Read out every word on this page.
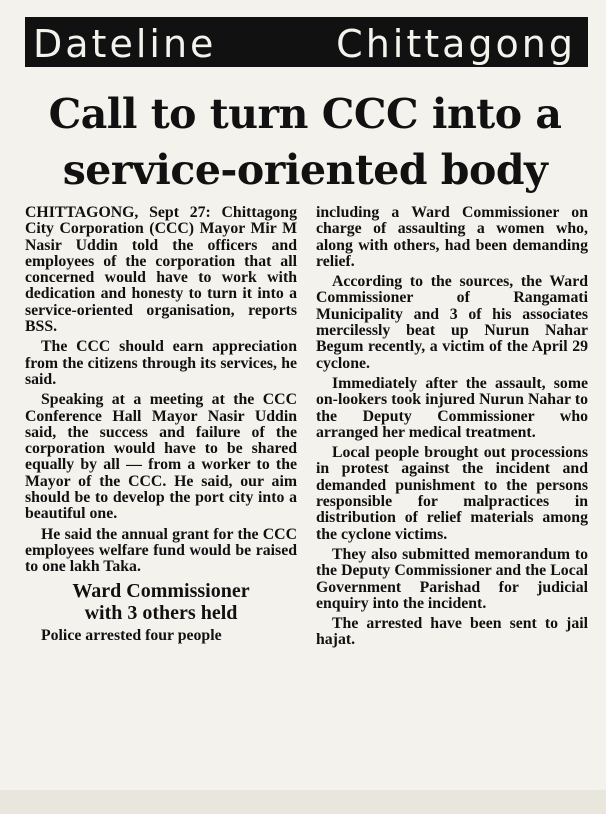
Dateline	Chittagong
Call to turn CCC into a
service-oriented body

CHITTAGONG, Sept 27: Chittagong City Corporation (CCC) Mayor Mir M Nasir Uddin told the officers and employees of the corporation that all concerned would have to work with dedication and honesty to turn it into a service-oriented organisation, reports BSS.

The CCC should earn appreciation from the citizens through its services, he said.

Speaking at a meeting at the CCC Conference Hall Mayor Nasir Uddin said, the success and failure of the corporation would have to be shared equally by all — from a worker to the Mayor of the CCC. He said, our aim should be to develop the port city into a beautiful one.

He said the annual grant for the CCC employees welfare fund would be raised to one lakh Taka.

Ward Commissioner
with 3 others held

Police arrested four people

including a Ward Commissioner on charge of assaulting a women who, along with others, had been demanding relief.

According to the sources, the Ward Commissioner of Rangamati Municipality and 3 of his associates mercilessly beat up Nurun Nahar Begum recently, a victim of the April 29 cyclone.

Immediately after the assault, some on-lookers took injured Nurun Nahar to the Deputy Commissioner who arranged her medical treatment.

Local people brought out processions in protest against the incident and demanded punishment to the persons responsible for malpractices in distribution of relief materials among the cyclone victims.

They also submitted memorandum to the Deputy Commissioner and the Local Government Parishad for judicial enquiry into the incident.

The arrested have been sent to jail hajat.
